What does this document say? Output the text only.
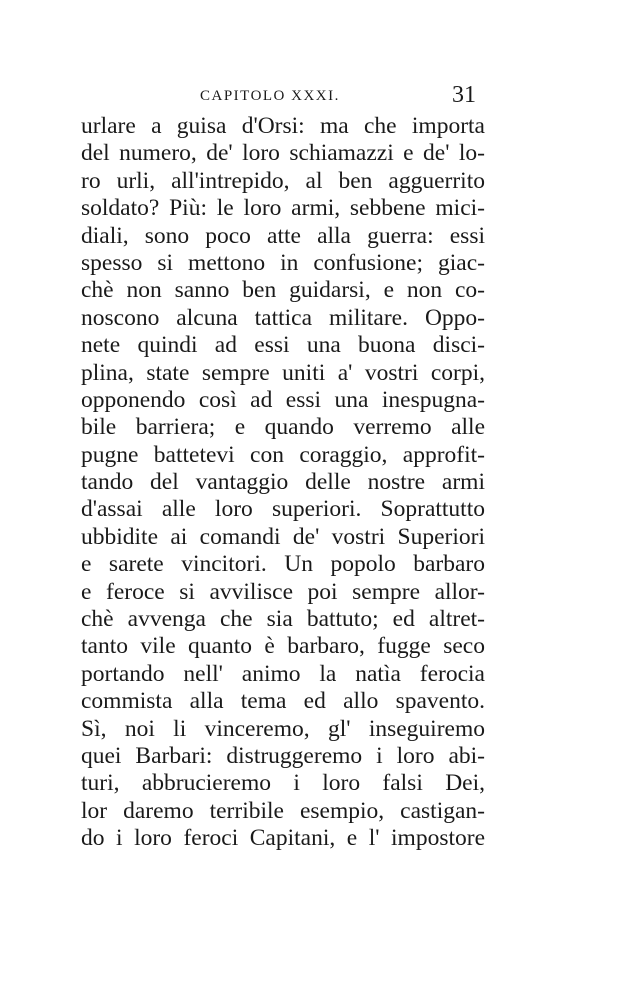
CAPITOLO XXXI.	31
urlare a guisa d'Orsi: ma che importa
del numero, de' loro schiamazzi e de' lo-
ro urli, all'intrepido, al ben agguerrito
soldato? Più: le loro armi, sebbene mici-
diali, sono poco atte alla guerra: essi
spesso si mettono in confusione; giac-
chè non sanno ben guidarsi, e non co-
noscono alcuna tattica militare. Oppo-
nete quindi ad essi una buona disci-
plina, state sempre uniti a' vostri corpi,
opponendo così ad essi una inespugna-
bile barriera; e quando verremo alle
pugne battetevi con coraggio, approfit-
tando del vantaggio delle nostre armi
d'assai alle loro superiori. Soprattutto
ubbidite ai comandi de' vostri Superiori
e sarete vincitori. Un popolo barbaro
e feroce si avvilisce poi sempre allor-
chè avvenga che sia battuto; ed altret-
tanto vile quanto è barbaro, fugge seco
portando nell' animo la natìa ferocia
commista alla tema ed allo spavento.
Sì, noi li vinceremo, gl' inseguiremo
quei Barbari: distruggeremo i loro abi-
turi, abbrucieremo i loro falsi Dei,
lor daremo terribile esempio, castigan-
do i loro feroci Capitani, e l' impostore
